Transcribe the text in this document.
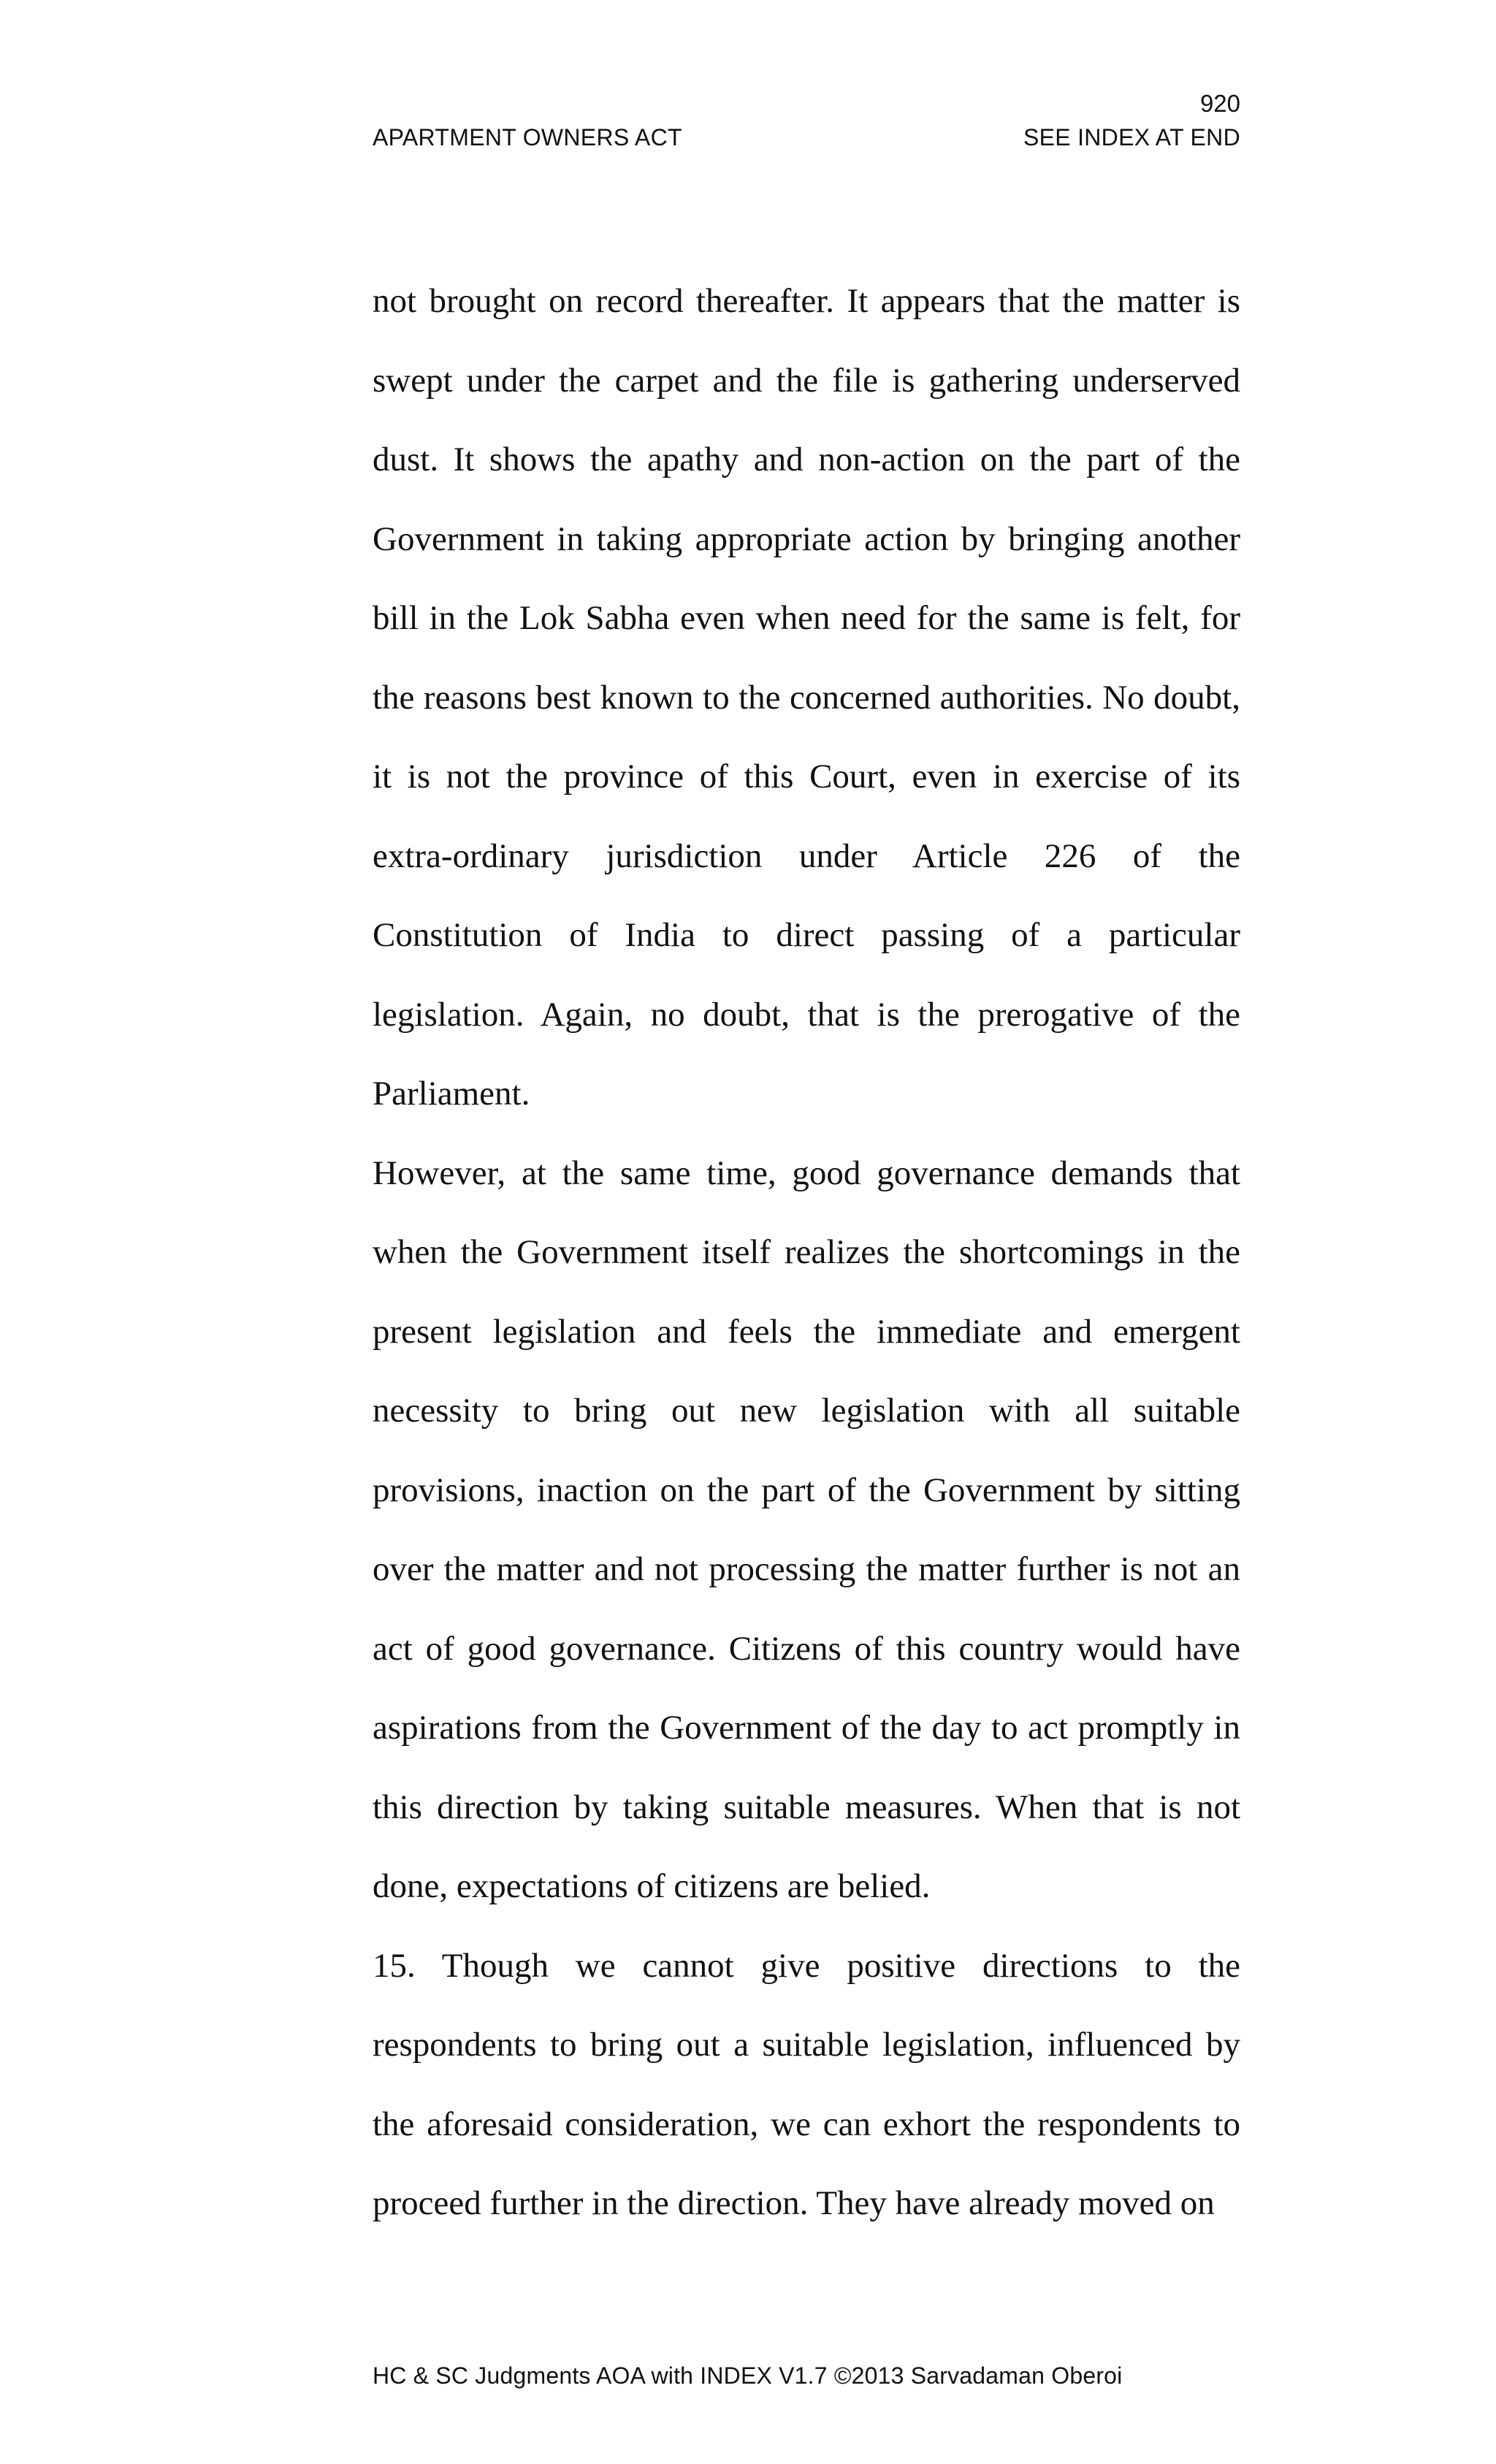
920
APARTMENT OWNERS ACT	SEE INDEX AT END

not brought on record thereafter. It appears that the matter is swept under the carpet and the file is gathering underserved dust. It shows the apathy and non-action on the part of the Government in taking appropriate action by bringing another bill in the Lok Sabha even when need for the same is felt, for the reasons best known to the concerned authorities. No doubt, it is not the province of this Court, even in exercise of its extra-ordinary jurisdiction under Article 226 of the Constitution of India to direct passing of a particular legislation. Again, no doubt, that is the prerogative of the Parliament.

However, at the same time, good governance demands that when the Government itself realizes the shortcomings in the present legislation and feels the immediate and emergent necessity to bring out new legislation with all suitable provisions, inaction on the part of the Government by sitting over the matter and not processing the matter further is not an act of good governance. Citizens of this country would have aspirations from the Government of the day to act promptly in this direction by taking suitable measures. When that is not done, expectations of citizens are belied.

15. Though we cannot give positive directions to the respondents to bring out a suitable legislation, influenced by the aforesaid consideration, we can exhort the respondents to proceed further in the direction. They have already moved on

HC & SC Judgments AOA with INDEX V1.7 ©2013 Sarvadaman Oberoi
